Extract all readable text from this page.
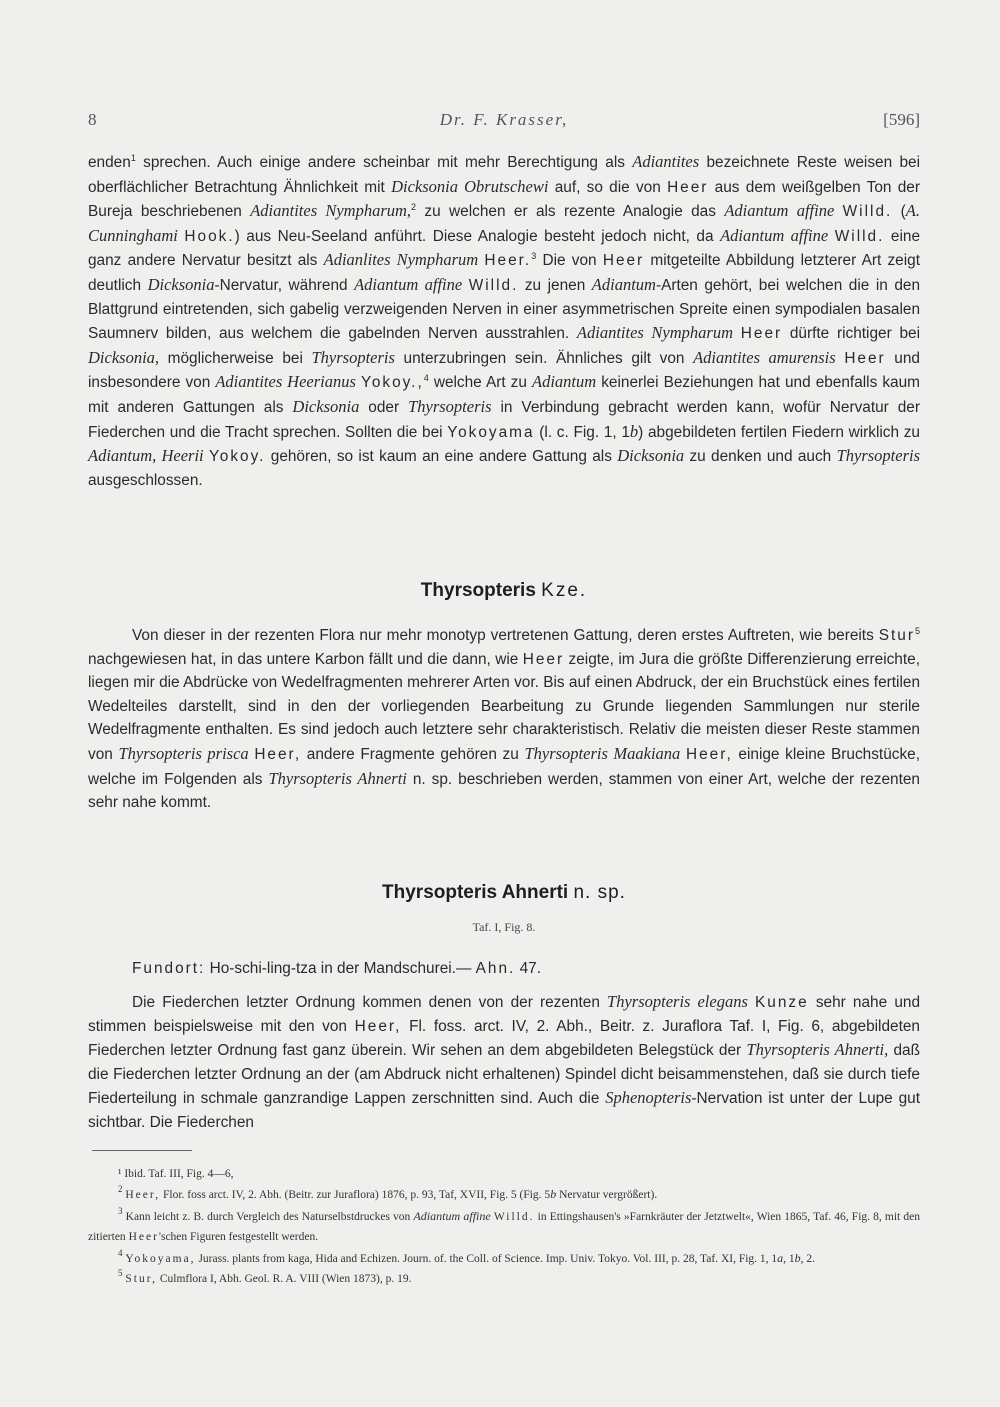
8	Dr. F. Krasser,	[596]
enden$^1$ sprechen. Auch einige andere scheinbar mit mehr Berechtigung als Adiantites bezeichnete Reste weisen bei oberflächlicher Betrachtung Ähnlichkeit mit Dicksonia Obrutschewi auf, so die von Heer aus dem weißgelben Ton der Bureja beschriebenen Adiantites Nympharum,$^2$ zu welchen er als rezente Analogie das Adiantum affine Willd. (A. Cunninghami Hook.) aus Neu-Seeland anführt. Diese Analogie besteht jedoch nicht, da Adiantum affine Willd. eine ganz andere Nervatur besitzt als Adianlites Nympharum Heer.$^3$ Die von Heer mitgeteilte Abbildung letzterer Art zeigt deutlich Dicksonia-Nervatur, während Adiantum affine Willd. zu jenen Adiantum-Arten gehört, bei welchen die in den Blattgrund eintretenden, sich gabelig verzweigenden Nerven in einer asymmetrischen Spreite einen sympodialen basalen Saumnerv bilden, aus welchem die gabelnden Nerven ausstrahlen. Adiantites Nympharum Heer dürfte richtiger bei Dicksonia, möglicherweise bei Thyrsopteris unterzubringen sein. Ähnliches gilt von Adiantites amurensis Heer und insbesondere von Adiantites Heerianus Yokoy.,$^4$ welche Art zu Adiantum keinerlei Beziehungen hat und ebenfalls kaum mit anderen Gattungen als Dicksonia oder Thyrsopteris in Verbindung gebracht werden kann, wofür Nervatur der Fiederchen und die Tracht sprechen. Sollten die bei Yokoyama (l. c. Fig. 1, 1b) abgebildeten fertilen Fiedern wirklich zu Adiantum, Heerii Yokoy. gehören, so ist kaum an eine andere Gattung als Dicksonia zu denken und auch Thyrsopteris ausgeschlossen.
Thyrsopteris Kze.
Von dieser in der rezenten Flora nur mehr monotyp vertretenen Gattung, deren erstes Auftreten, wie bereits Stur$^5$ nachgewiesen hat, in das untere Karbon fällt und die dann, wie Heer zeigte, im Jura die größte Differenzierung erreichte, liegen mir die Abdrücke von Wedelfragmenten mehrerer Arten vor. Bis auf einen Abdruck, der ein Bruchstück eines fertilen Wedelteiles darstellt, sind in den der vorliegenden Bearbeitung zu Grunde liegenden Sammlungen nur sterile Wedelfragmente enthalten. Es sind jedoch auch letztere sehr charakteristisch. Relativ die meisten dieser Reste stammen von Thyrsopteris prisca Heer, andere Fragmente gehören zu Thyrsopteris Maakiana Heer, einige kleine Bruchstücke, welche im Folgenden als Thyrsopteris Ahnerti n. sp. beschrieben werden, stammen von einer Art, welche der rezenten sehr nahe kommt.
Thyrsopteris Ahnerti n. sp.
Taf. I, Fig. 8.
Fundort: Ho-schi-ling-tza in der Mandschurei.— Ahn. 47.
Die Fiederchen letzter Ordnung kommen denen von der rezenten Thyrsopteris elegans Kunze sehr nahe und stimmen beispielsweise mit den von Heer, Fl. foss. arct. IV, 2. Abh., Beitr. z. Juraflora Taf. I, Fig. 6, abgebildeten Fiederchen letzter Ordnung fast ganz überein. Wir sehen an dem abgebildeten Belegstück der Thyrsopteris Ahnerti, daß die Fiederchen letzter Ordnung an der (am Abdruck nicht erhaltenen) Spindel dicht beisammenstehen, daß sie durch tiefe Fiederteilung in schmale ganzrandige Lappen zerschnitten sind. Auch die Sphenopteris-Nervation ist unter der Lupe gut sichtbar. Die Fiederchen

¹ Ibid. Taf. III, Fig. 4—6,

$^2$ Heer, Flor. foss arct. IV, 2. Abh. (Beitr. zur Juraflora) 1876, p. 93, Taf, XVII, Fig. 5 (Fig. 5b Nervatur vergrößert).

$^3$ Kann leicht z. B. durch Vergleich des Naturselbstdruckes von Adiantum affine Willd. in Ettingshausen's »Farnkräuter der Jetztwelt«, Wien 1865, Taf. 46, Fig. 8, mit den zitierten Heer'schen Figuren festgestellt werden.

$^4$ Yokoyama, Jurass. plants from kaga, Hida and Echizen. Journ. of. the Coll. of Science. Imp. Univ. Tokyo. Vol. III, p. 28, Taf. XI, Fig. 1, 1a, 1b, 2.

$^5$ Stur, Culmflora I, Abh. Geol. R. A. VIII (Wien 1873), p. 19.
